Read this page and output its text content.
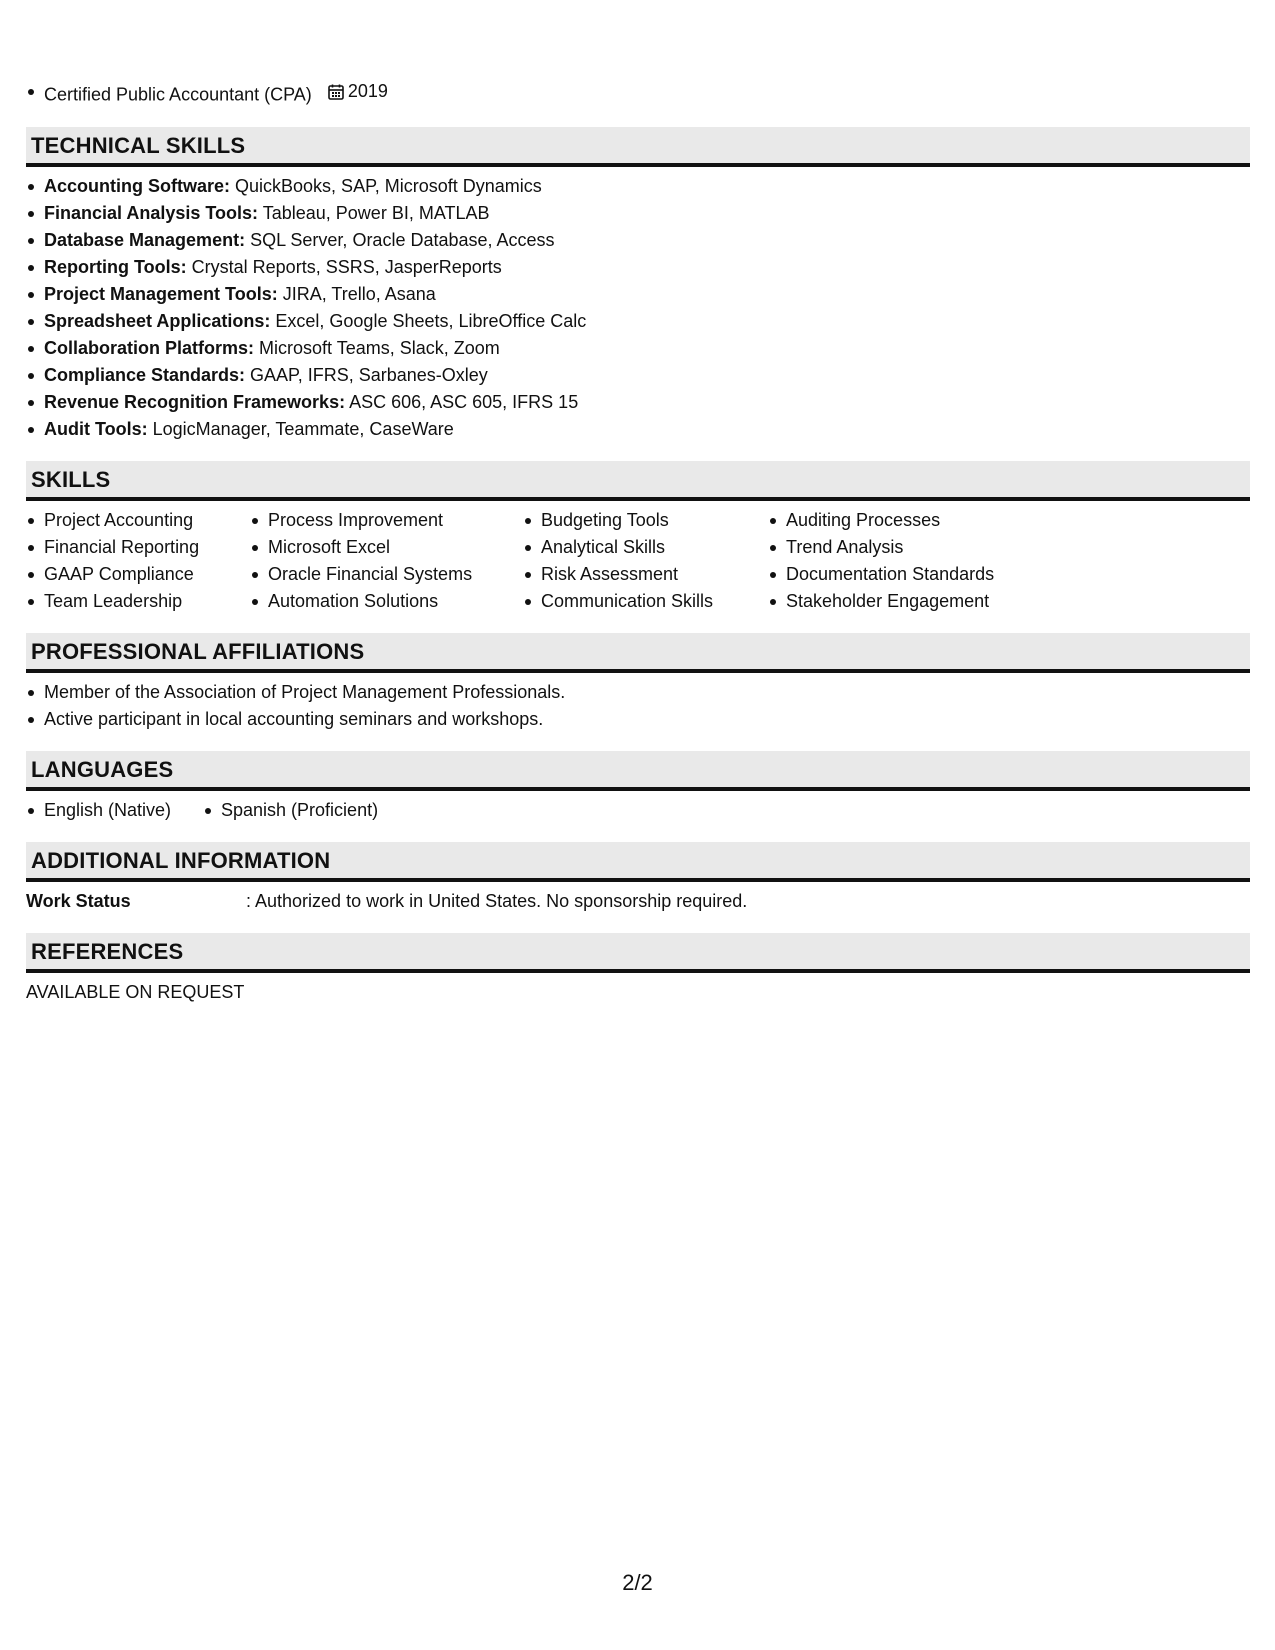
Certified Public Accountant (CPA) 2019
TECHNICAL SKILLS
Accounting Software: QuickBooks, SAP, Microsoft Dynamics
Financial Analysis Tools: Tableau, Power BI, MATLAB
Database Management: SQL Server, Oracle Database, Access
Reporting Tools: Crystal Reports, SSRS, JasperReports
Project Management Tools: JIRA, Trello, Asana
Spreadsheet Applications: Excel, Google Sheets, LibreOffice Calc
Collaboration Platforms: Microsoft Teams, Slack, Zoom
Compliance Standards: GAAP, IFRS, Sarbanes-Oxley
Revenue Recognition Frameworks: ASC 606, ASC 605, IFRS 15
Audit Tools: LogicManager, Teammate, CaseWare
SKILLS
Project Accounting
Financial Reporting
GAAP Compliance
Team Leadership
Process Improvement
Microsoft Excel
Oracle Financial Systems
Automation Solutions
Budgeting Tools
Analytical Skills
Risk Assessment
Communication Skills
Auditing Processes
Trend Analysis
Documentation Standards
Stakeholder Engagement
PROFESSIONAL AFFILIATIONS
Member of the Association of Project Management Professionals.
Active participant in local accounting seminars and workshops.
LANGUAGES
English (Native)	Spanish (Proficient)
ADDITIONAL INFORMATION
Work Status	: Authorized to work in United States. No sponsorship required.
REFERENCES
AVAILABLE ON REQUEST
2/2
